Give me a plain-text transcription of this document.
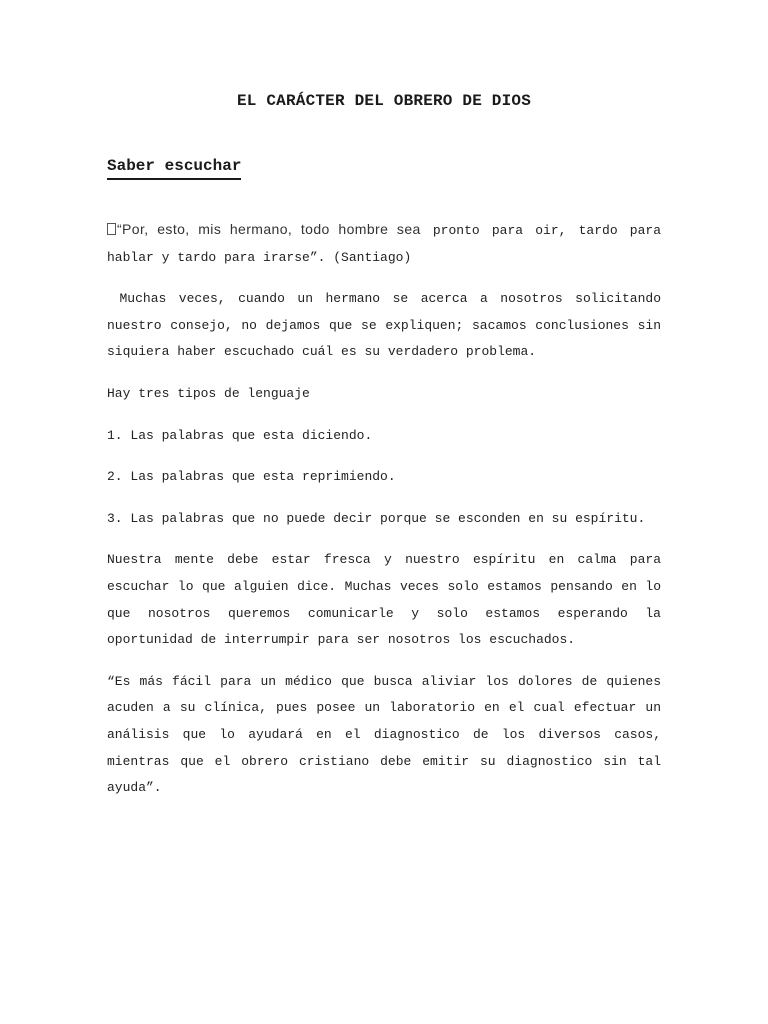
EL CARÁCTER DEL OBRERO DE DIOS
Saber escuchar

“Por, esto, mis hermano, todo hombre sea pronto para oir, tardo para hablar y tardo para irarse”. (Santiago)

Muchas veces, cuando un hermano se acerca a nosotros solicitando nuestro consejo, no dejamos que se expliquen; sacamos conclusiones sin siquiera haber escuchado cuál es su verdadero problema.

Hay tres tipos de lenguaje

1. Las palabras que esta diciendo.

2. Las palabras que esta reprimiendo.

3. Las palabras que no puede decir porque se esconden en su espíritu.

Nuestra mente debe estar fresca y nuestro espíritu en calma para escuchar lo que alguien dice. Muchas veces solo estamos pensando en lo que nosotros queremos comunicarle y solo estamos esperando la oportunidad de interrumpir para ser nosotros los escuchados.

“Es más fácil para un médico que busca aliviar los dolores de quienes acuden a su clínica, pues posee un laboratorio en el cual efectuar un análisis que lo ayudará en el diagnostico de los diversos casos, mientras que el obrero cristiano debe emitir su diagnostico sin tal ayuda”.
